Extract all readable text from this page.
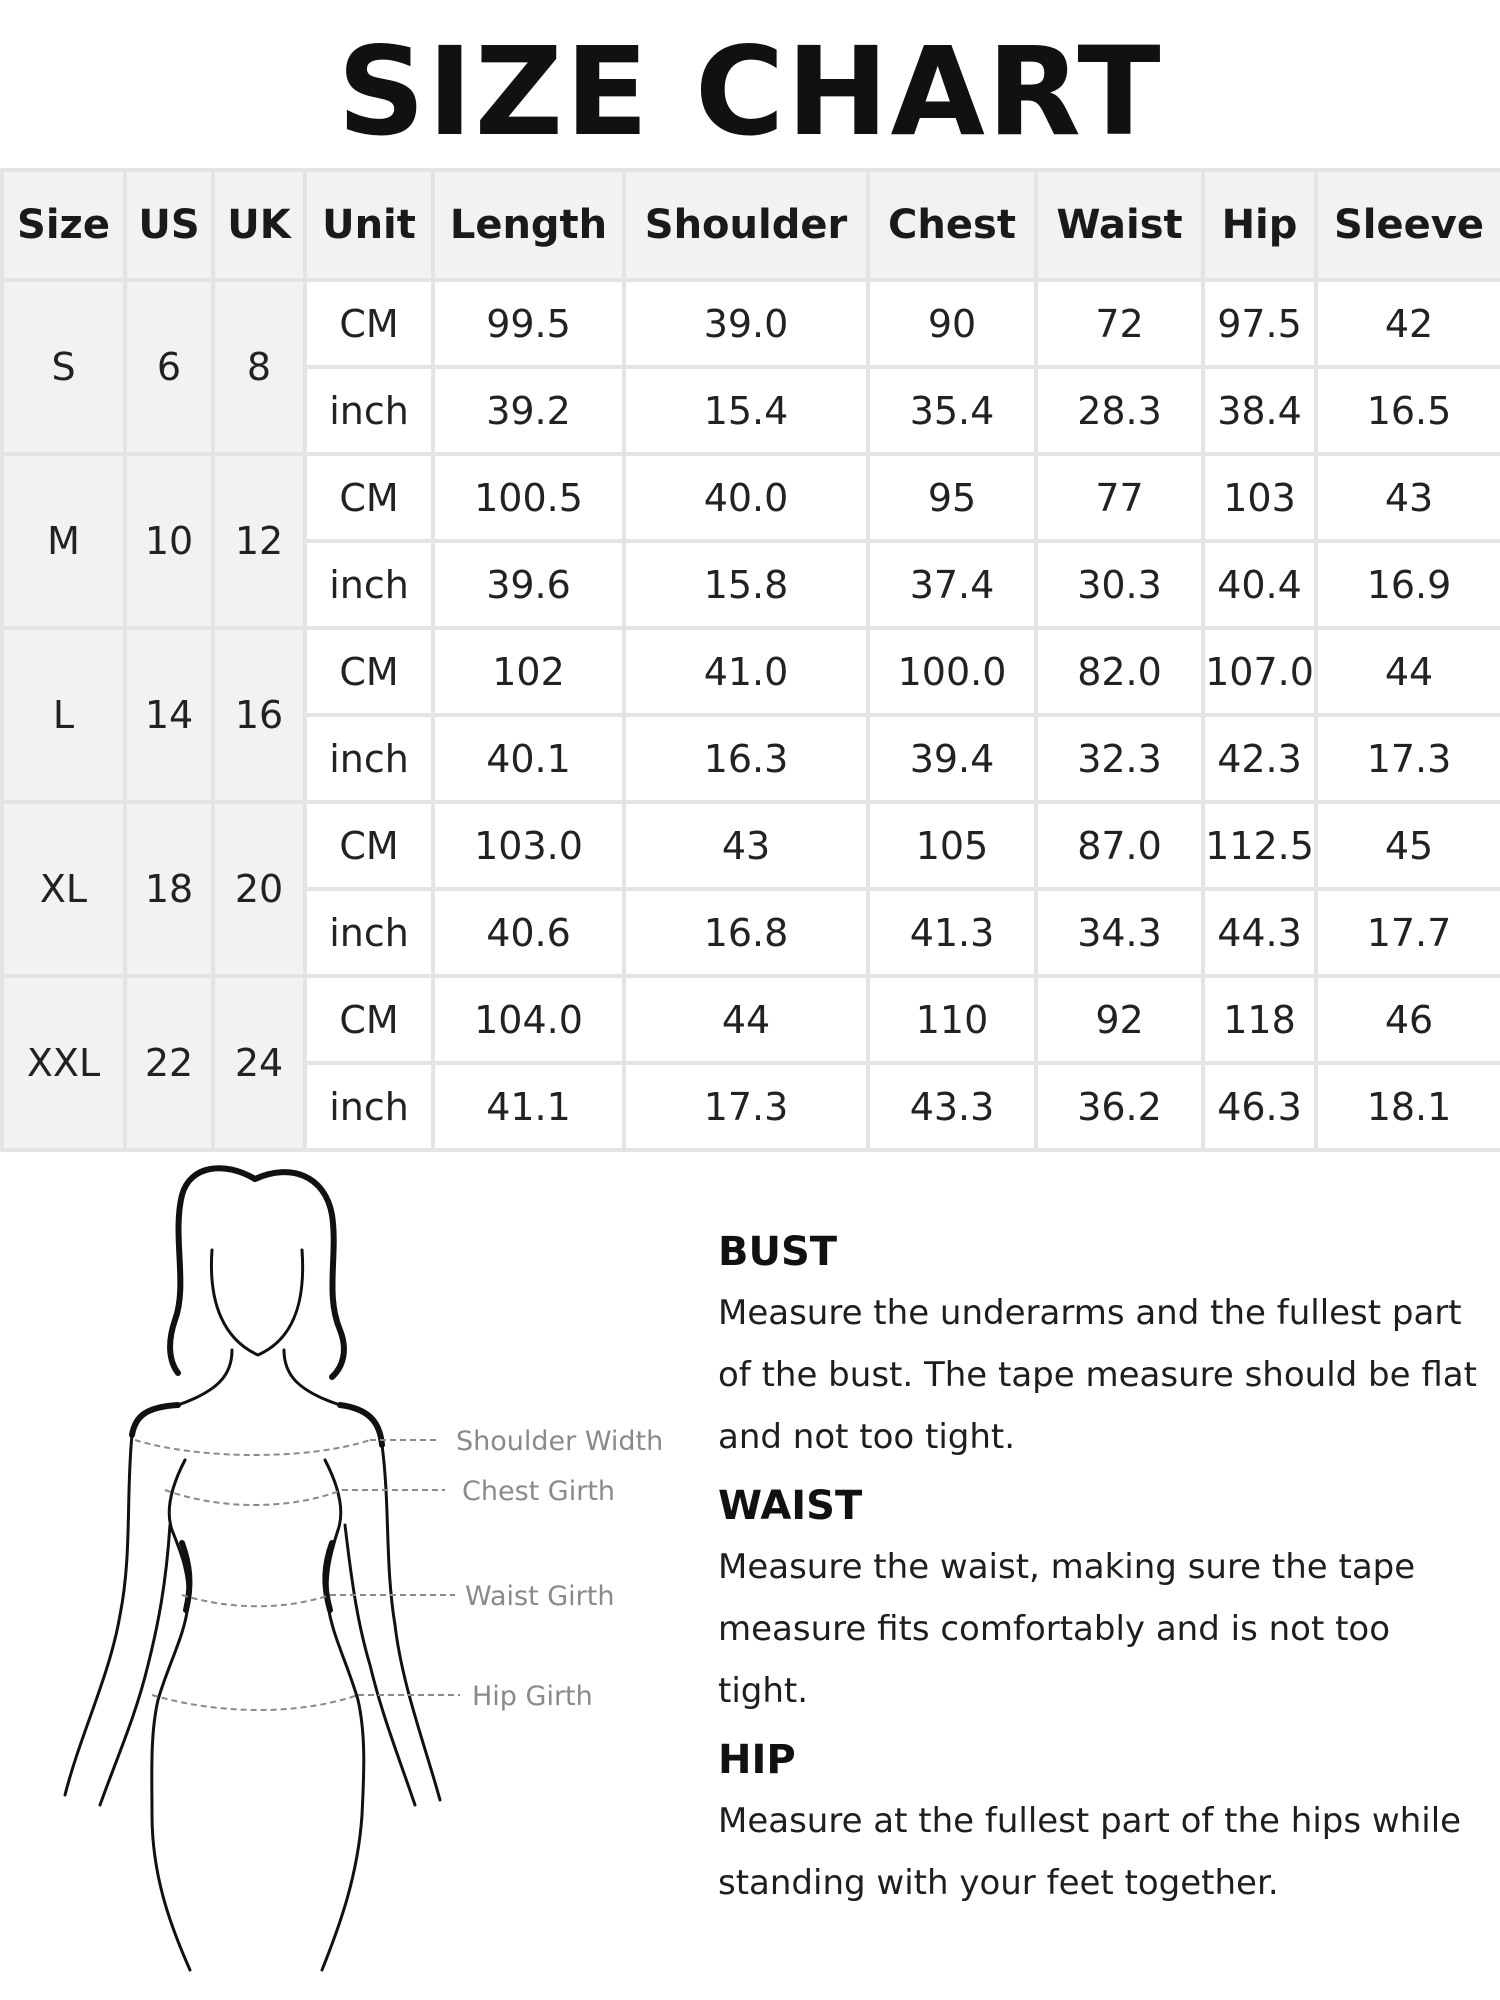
SIZE CHART
Size	US	UK	Unit	Length	Shoulder	Chest	Waist	Hip	Sleeve
S	6	8	CM	99.5	39.0	90	72	97.5	42
			inch	39.2	15.4	35.4	28.3	38.4	16.5
M	10	12	CM	100.5	40.0	95	77	103	43
			inch	39.6	15.8	37.4	30.3	40.4	16.9
L	14	16	CM	102	41.0	100.0	82.0	107.0	44
			inch	40.1	16.3	39.4	32.3	42.3	17.3
XL	18	20	CM	103.0	43	105	87.0	112.5	45
			inch	40.6	16.8	41.3	34.3	44.3	17.7
XXL	22	24	CM	104.0	44	110	92	118	46
			inch	41.1	17.3	43.3	36.2	46.3	18.1
Shoulder Width
Chest Girth
Waist Girth
Hip Girth
BUST

Measure the underarms and the fullest part of the bust. The tape measure should be flat and not too tight.

WAIST

Measure the waist, making sure the tape measure fits comfortably and is not too tight.

HIP

Measure at the fullest part of the hips while standing with your feet together.
